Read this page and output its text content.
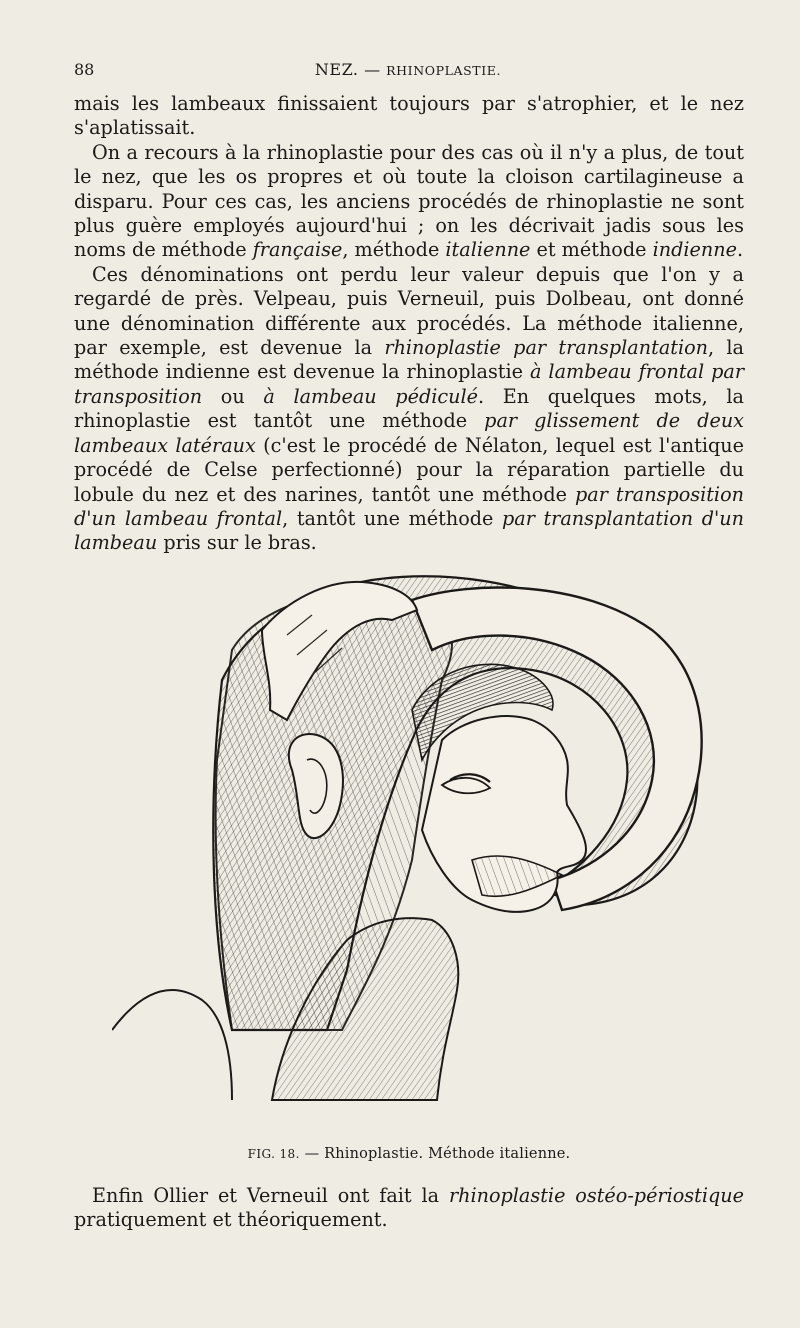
88	NEZ. — RHINOPLASTIE.

mais les lambeaux finissaient toujours par s'atrophier, et le nez s'aplatissait.

On a recours à la rhinoplastie pour des cas où il n'y a plus, de tout le nez, que les os propres et où toute la cloison cartilagineuse a disparu. Pour ces cas, les anciens procédés de rhinoplastie ne sont plus guère employés aujourd'hui ; on les décrivait jadis sous les noms de méthode française, méthode italienne et méthode indienne.

Ces dénominations ont perdu leur valeur depuis que l'on y a regardé de près. Velpeau, puis Verneuil, puis Dolbeau, ont donné une dénomination différente aux procédés. La méthode italienne, par exemple, est devenue la rhinoplastie par transplantation, la méthode indienne est devenue la rhinoplastie à lambeau frontal par transposition ou à lambeau pédiculé. En quelques mots, la rhinoplastie est tantôt une méthode par glissement de deux lambeaux latéraux (c'est le procédé de Nélaton, lequel est l'antique procédé de Celse perfectionné) pour la réparation partielle du lobule du nez et des narines, tantôt une méthode par transposition d'un lambeau frontal, tantôt une méthode par transplantation d'un lambeau pris sur le bras.

FIG. 18. — Rhinoplastie. Méthode italienne.

Enfin Ollier et Verneuil ont fait la rhinoplastie ostéo-périostique pratiquement et théoriquement.
